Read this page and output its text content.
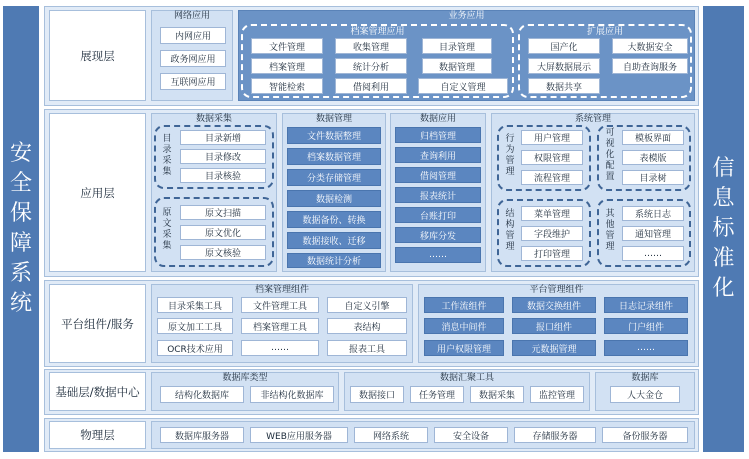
安全保障系统
信息标准化
展现层
网络应用
内网应用
政务网应用
互联网应用
业务应用
档案管理应用
文件管理	收集管理	目录管理
档案管理	统计分析	数据管理
智能检索	借阅利用	自定义管理
扩展应用
国产化	大数据安全
大屏数据展示	自助查询服务
数据共享
应用层
数据采集
目录采集
目录新增
目录修改
目录核验
原文采集
原文扫描
原文优化
原文核验
数据管理
文件数据整理
档案数据管理
分类存储管理
数据检测
数据备份、转换
数据接收、迁移
数据统计分析
数据应用
归档管理
查询利用
借阅管理
报表统计
台账打印
移库分发
……
系统管理
行为管理
用户管理
权限管理
流程管理
可视化配置
模板界面
表模版
目录树
结构管理
菜单管理
字段维护
打印管理
其他管理
系统日志
通知管理
……
平台组件/服务
档案管理组件
目录采集工具	文件管理工具	自定义引擎
原文加工工具	档案管理工具	表结构
OCR技术应用	……	报表工具
平台管理组件
工作流组件	数据交换组件	日志记录组件
消息中间件	报口组件	门户组件
用户权限管理	元数据管理	……
基础层/数据中心
数据库类型
结构化数据库	非结构化数据库
数据汇聚工具
数据接口	任务管理	数据采集	监控管理
数据库
人大金仓
物理层	数据库服务器	WEB应用服务器	网络系统	安全设备	存储服务器	备份服务器
